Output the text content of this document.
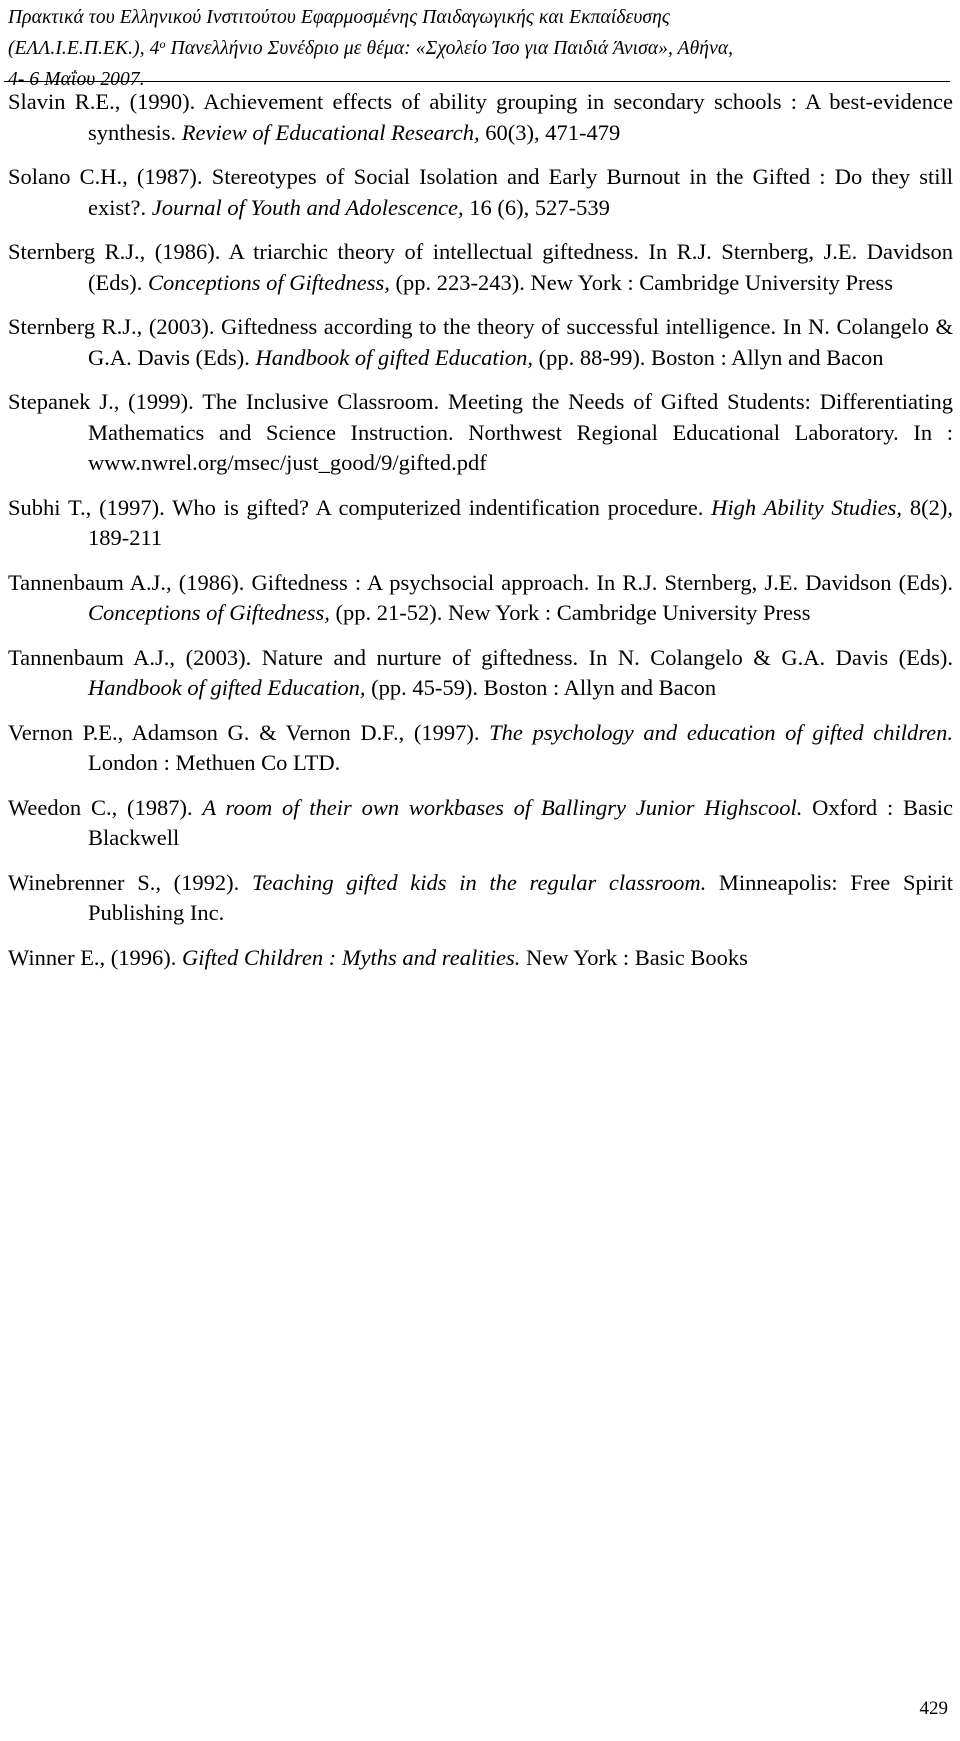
Πρακτικά του Ελληνικού Ινστιτούτου Εφαρμοσμένης Παιδαγωγικής και Εκπαίδευσης
(ΕΛΛ.Ι.Ε.Π.ΕΚ.), $4^o$ Πανελλήνιο Συνέδριο με θέμα: «Σχολείο Ίσο για Παιδιά Άνισα», Αθήνα,
4- 6 Μαΐου 2007.

Slavin R.E., (1990). Achievement effects of ability grouping in secondary schools : A best-evidence synthesis. Review of Educational Research, 60(3), 471-479

Solano C.H., (1987). Stereotypes of Social Isolation and Early Burnout in the Gifted : Do they still exist?. Journal of Youth and Adolescence, 16 (6), 527-539

Sternberg R.J., (1986). A triarchic theory of intellectual giftedness. In R.J. Sternberg, J.E. Davidson (Eds). Conceptions of Giftedness, (pp. 223-243). New York : Cambridge University Press

Sternberg R.J., (2003). Giftedness according to the theory of successful intelligence. In N. Colangelo & G.A. Davis (Eds). Handbook of gifted Education, (pp. 88-99). Boston : Allyn and Bacon

Stepanek J., (1999). The Inclusive Classroom. Meeting the Needs of Gifted Students: Differentiating Mathematics and Science Instruction. Northwest Regional Educational Laboratory. In : www.nwrel.org/msec/just_good/9/gifted.pdf

Subhi T., (1997). Who is gifted? A computerized indentification procedure. High Ability Studies, 8(2), 189-211

Tannenbaum A.J., (1986). Giftedness : A psychsocial approach. In R.J. Sternberg, J.E. Davidson (Eds). Conceptions of Giftedness, (pp. 21-52). New York : Cambridge University Press

Tannenbaum A.J., (2003). Nature and nurture of giftedness. In N. Colangelo & G.A. Davis (Eds). Handbook of gifted Education, (pp. 45-59). Boston : Allyn and Bacon

Vernon P.E., Adamson G. & Vernon D.F., (1997). The psychology and education of gifted children. London : Methuen Co LTD.

Weedon C., (1987). A room of their own workbases of Ballingry Junior Highscool. Oxford : Basic Blackwell

Winebrenner S., (1992). Teaching gifted kids in the regular classroom. Minneapolis: Free Spirit Publishing Inc.

Winner E., (1996). Gifted Children : Myths and realities. New York : Basic Books

429
